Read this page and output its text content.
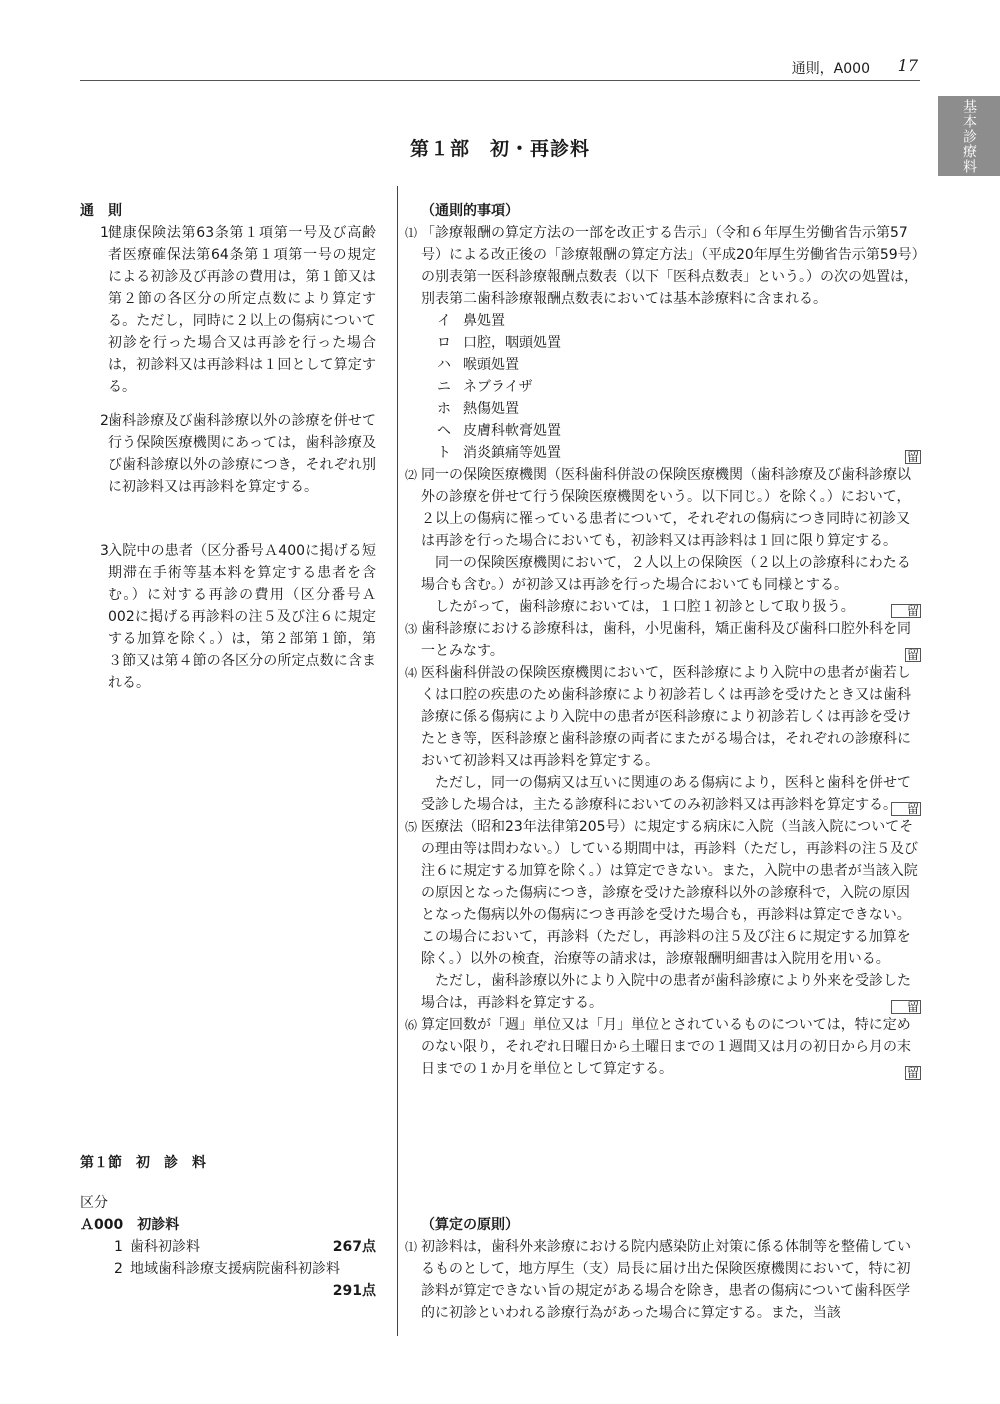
通則，A000 17
基本診療料
第１部　初・再診料
通　則
1 健康保険法第63条第１項第一号及び高齢者医療確保法第64条第１項第一号の規定による初診及び再診の費用は，第１節又は第２節の各区分の所定点数により算定する。ただし，同時に２以上の傷病について初診を行った場合又は再診を行った場合は，初診料又は再診料は１回として算定する。
2 歯科診療及び歯科診療以外の診療を併せて行う保険医療機関にあっては，歯科診療及び歯科診療以外の診療につき，それぞれ別に初診料又は再診料を算定する。
3 入院中の患者（区分番号Ａ400に掲げる短期滞在手術等基本料を算定する患者を含む。）に対する再診の費用（区分番号Ａ002に掲げる再診料の注５及び注６に規定する加算を除く。）は，第２部第１節，第３節又は第４節の各区分の所定点数に含まれる。
第１節　初　診　料
区分
Ａ000　初診料
1 歯科初診料	267点
2 地域歯科診療支援病院歯科初診料
291点
（通則的事項）
⑴ 「診療報酬の算定方法の一部を改正する告示」（令和６年厚生労働省告示第57号）による改正後の「診療報酬の算定方法」（平成20年厚生労働省告示第59号）の別表第一医科診療報酬点数表（以下「医科点数表」という。）の次の処置は，別表第二歯科診療報酬点数表においては基本診療料に含まれる。
イ 鼻処置
ロ 口腔，咽頭処置
ハ 喉頭処置
ニ ネブライザ
ホ 熱傷処置
ヘ 皮膚科軟膏処置
ト 消炎鎮痛等処置	留
⑵ 同一の保険医療機関（医科歯科併設の保険医療機関（歯科診療及び歯科診療以外の診療を併せて行う保険医療機関をいう。以下同じ。）を除く。）において，２以上の傷病に罹っている患者について，それぞれの傷病につき同時に初診又は再診を行った場合においても，初診料又は再診料は１回に限り算定する。
同一の保険医療機関において，２人以上の保険医（２以上の診療科にわたる場合も含む。）が初診又は再診を行った場合においても同様とする。
したがって，歯科診療においては，１口腔１初診として取り扱う。	留
⑶ 歯科診療における診療科は，歯科，小児歯科，矯正歯科及び歯科口腔外科を同一とみなす。	留
⑷ 医科歯科併設の保険医療機関において，医科診療により入院中の患者が歯若しくは口腔の疾患のため歯科診療により初診若しくは再診を受けたとき又は歯科診療に係る傷病により入院中の患者が医科診療により初診若しくは再診を受けたとき等，医科診療と歯科診療の両者にまたがる場合は，それぞれの診療科において初診料又は再診料を算定する。
ただし，同一の傷病又は互いに関連のある傷病により，医科と歯科を併せて受診した場合は，主たる診療科においてのみ初診料又は再診料を算定する。 留
⑸ 医療法（昭和23年法律第205号）に規定する病床に入院（当該入院についてその理由等は問わない。）している期間中は，再診料（ただし，再診料の注５及び注６に規定する加算を除く。）は算定できない。また，入院中の患者が当該入院の原因となった傷病につき，診療を受けた診療科以外の診療科で，入院の原因となった傷病以外の傷病につき再診を受けた場合も，再診料は算定できない。この場合において，再診料（ただし，再診料の注５及び注６に規定する加算を除く。）以外の検査，治療等の請求は，診療報酬明細書は入院用を用いる。
ただし，歯科診療以外により入院中の患者が歯科診療により外来を受診した場合は，再診料を算定する。	留
⑹ 算定回数が「週」単位又は「月」単位とされているものについては，特に定めのない限り，それぞれ日曜日から土曜日までの１週間又は月の初日から月の末日までの１か月を単位として算定する。	留
（算定の原則）
⑴ 初診料は，歯科外来診療における院内感染防止対策に係る体制等を整備しているものとして，地方厚生（支）局長に届け出た保険医療機関において，特に初診料が算定できない旨の規定がある場合を除き，患者の傷病について歯科医学的に初診といわれる診療行為があった場合に算定する。また，当該
